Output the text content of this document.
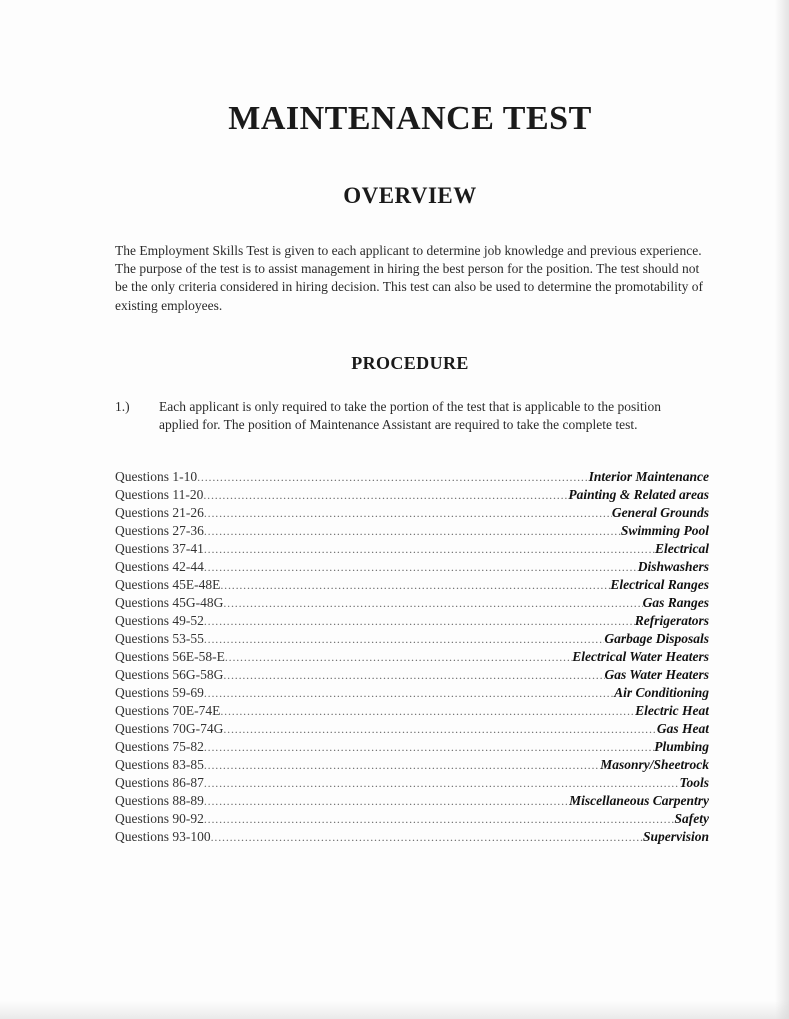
MAINTENANCE TEST
OVERVIEW

The Employment Skills Test is given to each applicant to determine job knowledge and previous experience. The purpose of the test is to assist management in hiring the best person for the position. The test should not be the only criteria considered in hiring decision. This test can also be used to determine the promotability of existing employees.

PROCEDURE
1.) Each applicant is only required to take the portion of the test that is applicable to the position applied for. The position of Maintenance Assistant are required to take the complete test.
Questions 1-10 .....	Interior Maintenance
Questions 11-20 .....	Painting & Related areas
Questions 21-26 .....	General Grounds
Questions 27-36 .....	Swimming Pool
Questions 37-41 .....	Electrical
Questions 42-44 .....	Dishwashers
Questions 45E-48E .....	Electrical Ranges
Questions 45G-48G .....	Gas Ranges
Questions 49-52 .....	Refrigerators
Questions 53-55 .....	Garbage Disposals
Questions 56E-58-E .....	Electrical Water Heaters
Questions 56G-58G .....	Gas Water Heaters
Questions 59-69 .....	Air Conditioning
Questions 70E-74E .....	Electric Heat
Questions 70G-74G .....	Gas Heat
Questions 75-82 .....	Plumbing
Questions 83-85 .....	Masonry/Sheetrock
Questions 86-87 .....	Tools
Questions 88-89 .....	Miscellaneous Carpentry
Questions 90-92 .....	Safety
Questions 93-100 .....	Supervision
